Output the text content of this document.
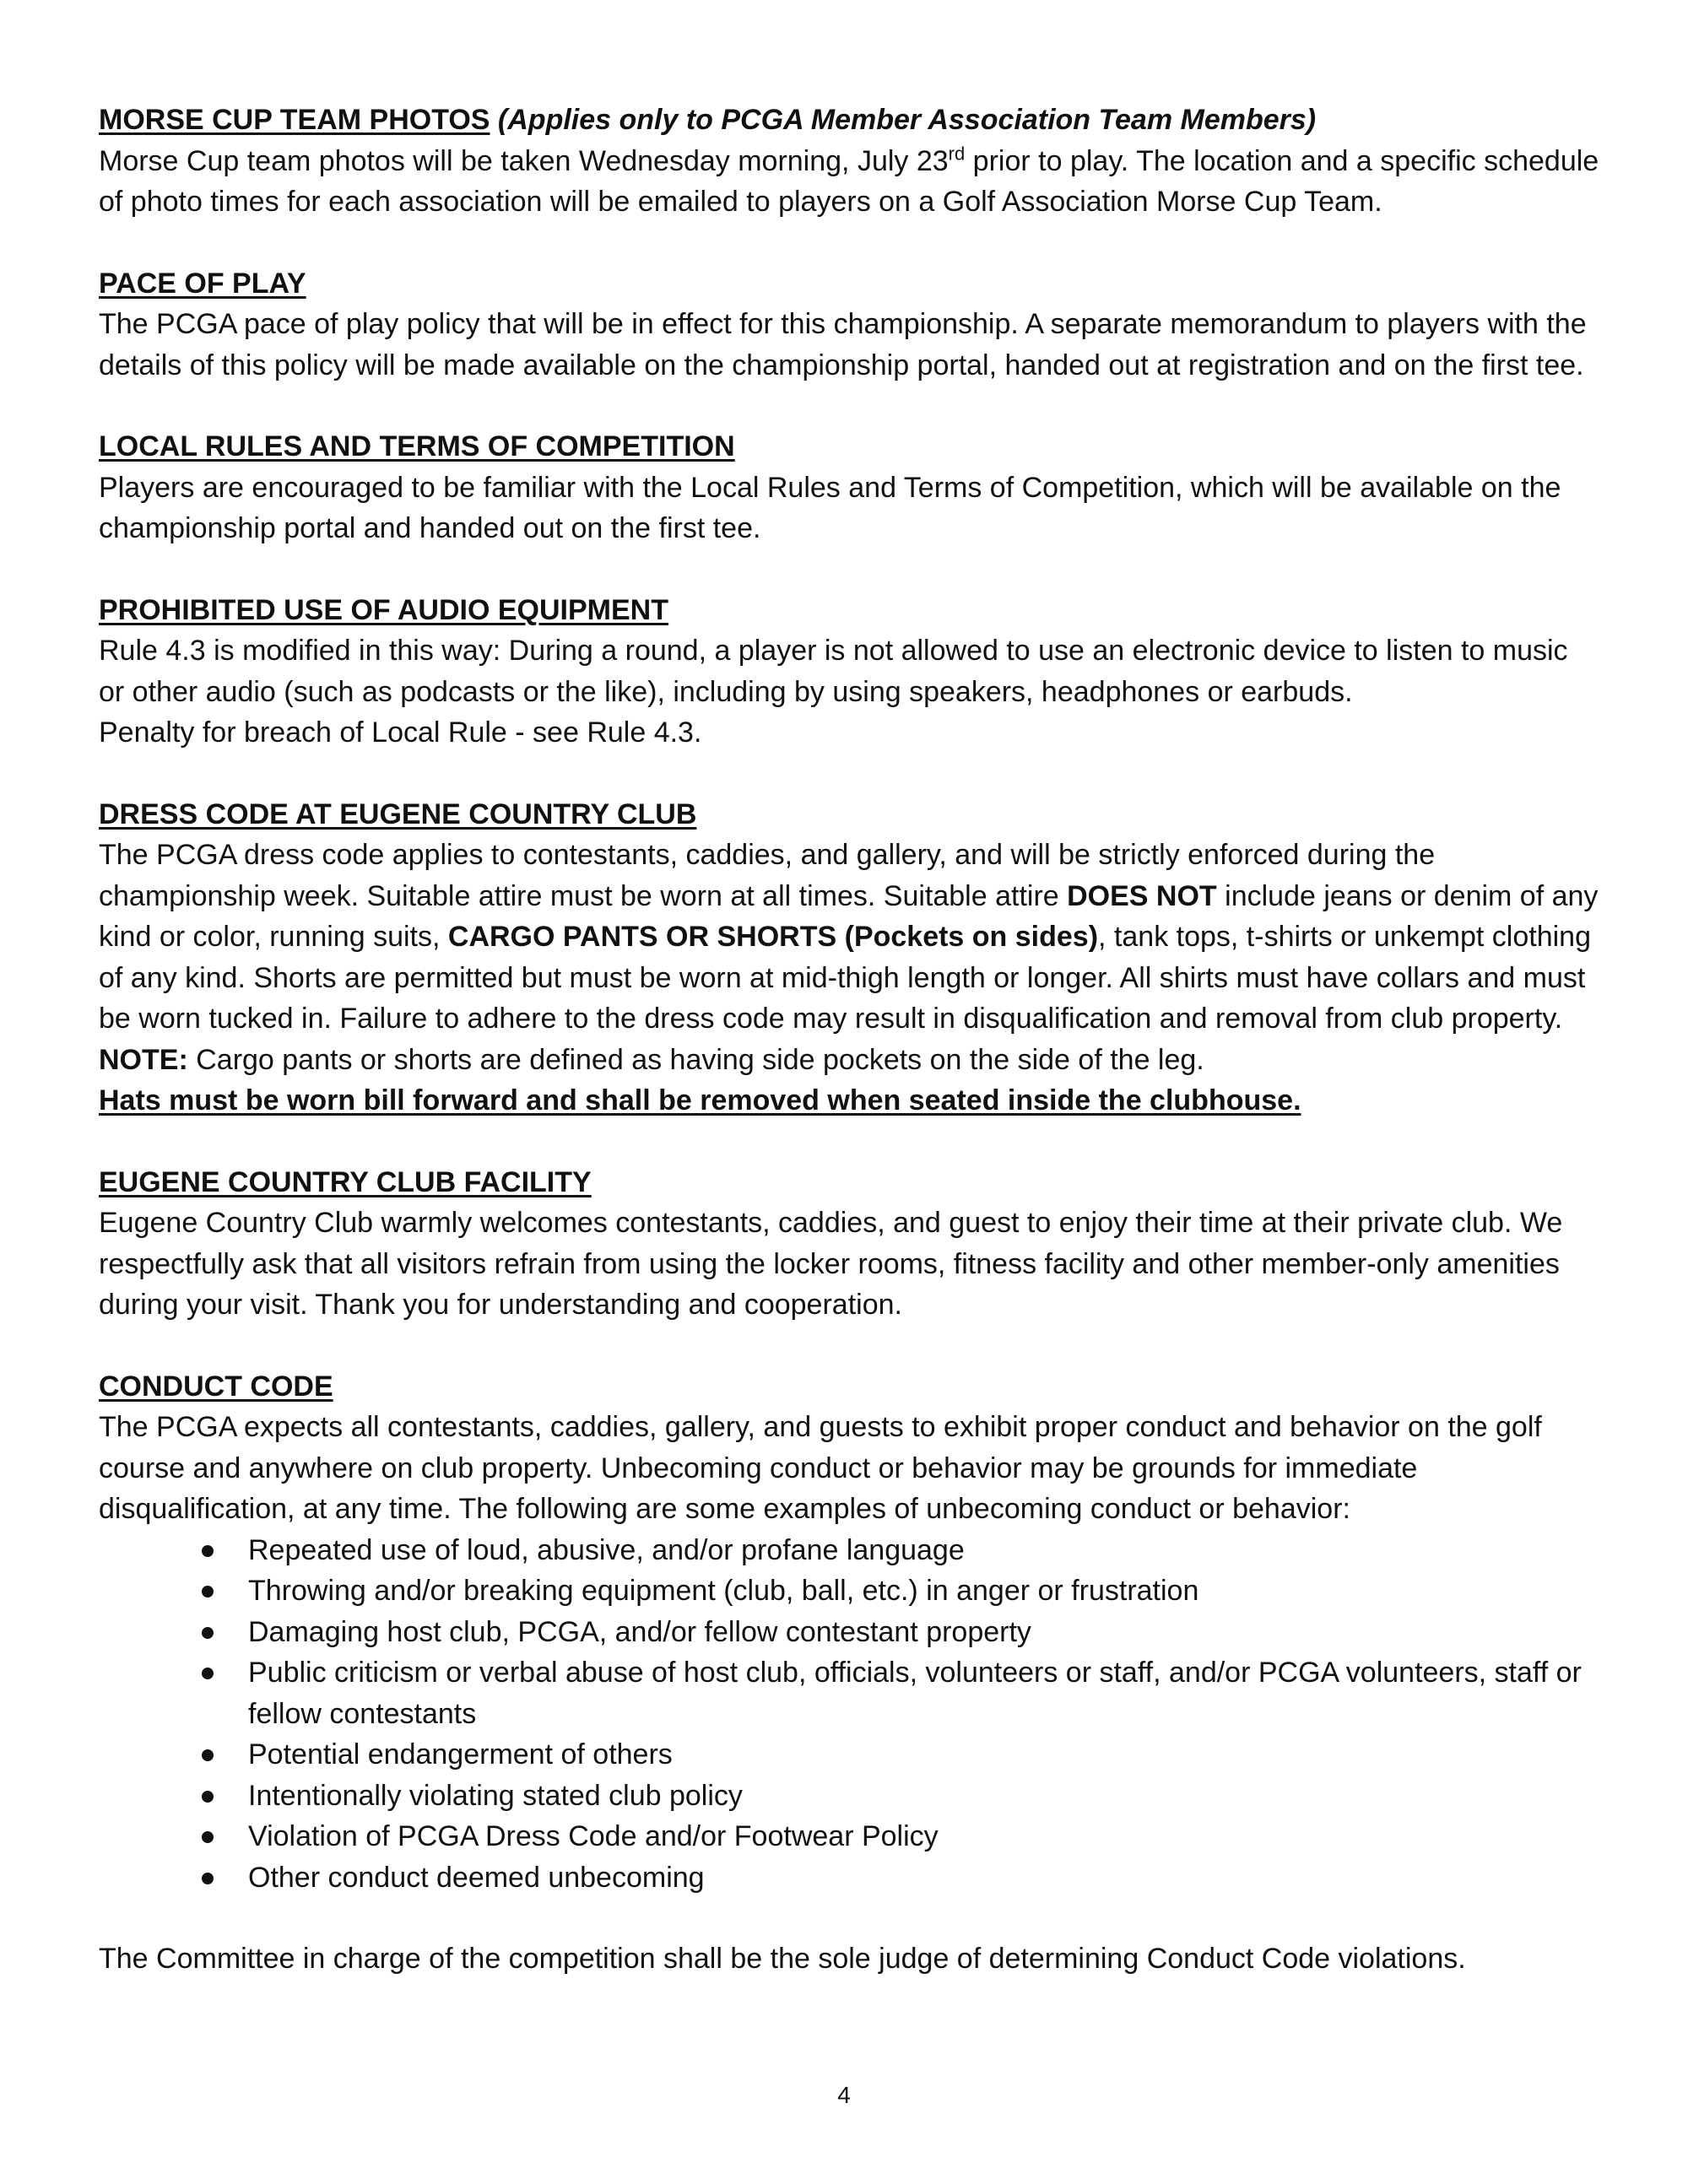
MORSE CUP TEAM PHOTOS (Applies only to PCGA Member Association Team Members)

Morse Cup team photos will be taken Wednesday morning, July 23rd prior to play. The location and a specific schedule of photo times for each association will be emailed to players on a Golf Association Morse Cup Team.

PACE OF PLAY

The PCGA pace of play policy that will be in effect for this championship. A separate memorandum to players with the details of this policy will be made available on the championship portal, handed out at registration and on the first tee.

LOCAL RULES AND TERMS OF COMPETITION

Players are encouraged to be familiar with the Local Rules and Terms of Competition, which will be available on the championship portal and handed out on the first tee.

PROHIBITED USE OF AUDIO EQUIPMENT

Rule 4.3 is modified in this way: During a round, a player is not allowed to use an electronic device to listen to music or other audio (such as podcasts or the like), including by using speakers, headphones or earbuds.

Penalty for breach of Local Rule - see Rule 4.3.

DRESS CODE AT EUGENE COUNTRY CLUB

The PCGA dress code applies to contestants, caddies, and gallery, and will be strictly enforced during the championship week. Suitable attire must be worn at all times. Suitable attire DOES NOT include jeans or denim of any kind or color, running suits, CARGO PANTS OR SHORTS (Pockets on sides), tank tops, t-shirts or unkempt clothing of any kind. Shorts are permitted but must be worn at mid-thigh length or longer. All shirts must have collars and must be worn tucked in. Failure to adhere to the dress code may result in disqualification and removal from club property. NOTE: Cargo pants or shorts are defined as having side pockets on the side of the leg.

Hats must be worn bill forward and shall be removed when seated inside the clubhouse.

EUGENE COUNTRY CLUB FACILITY

Eugene Country Club warmly welcomes contestants, caddies, and guest to enjoy their time at their private club. We respectfully ask that all visitors refrain from using the locker rooms, fitness facility and other member-only amenities during your visit. Thank you for understanding and cooperation.

CONDUCT CODE

The PCGA expects all contestants, caddies, gallery, and guests to exhibit proper conduct and behavior on the golf course and anywhere on club property. Unbecoming conduct or behavior may be grounds for immediate disqualification, at any time. The following are some examples of unbecoming conduct or behavior:

Repeated use of loud, abusive, and/or profane language
Throwing and/or breaking equipment (club, ball, etc.) in anger or frustration
Damaging host club, PCGA, and/or fellow contestant property
Public criticism or verbal abuse of host club, officials, volunteers or staff, and/or PCGA volunteers, staff or fellow contestants
Potential endangerment of others
Intentionally violating stated club policy
Violation of PCGA Dress Code and/or Footwear Policy
Other conduct deemed unbecoming

The Committee in charge of the competition shall be the sole judge of determining Conduct Code violations.

4
